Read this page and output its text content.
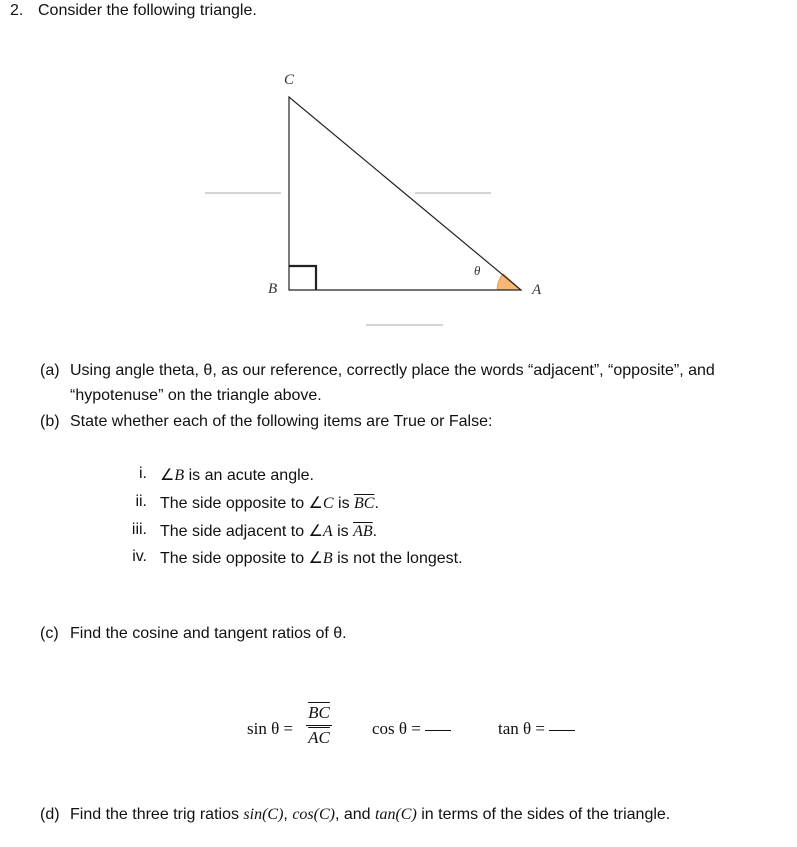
2. Consider the following triangle.
C
B	A
θ
(a) Using angle theta, θ, as our reference, correctly place the words “adjacent”, “opposite”, and
“hypotenuse” on the triangle above.
(b) State whether each of the following items are True or False:
i. ∠B is an acute angle.
ii. The side opposite to ∠C is $\overline{BC}$.
iii. The side adjacent to ∠A is $\overline{AB}$.
iv. The side opposite to ∠B is not the longest.
(c) Find the cosine and tangent ratios of θ.
$\sin \theta = \frac{\overline{BC}}{AC}$ cos θ =	tan θ =
(d) Find the three trig ratios sin(C), cos(C), and tan(C) in terms of the sides of the triangle.
